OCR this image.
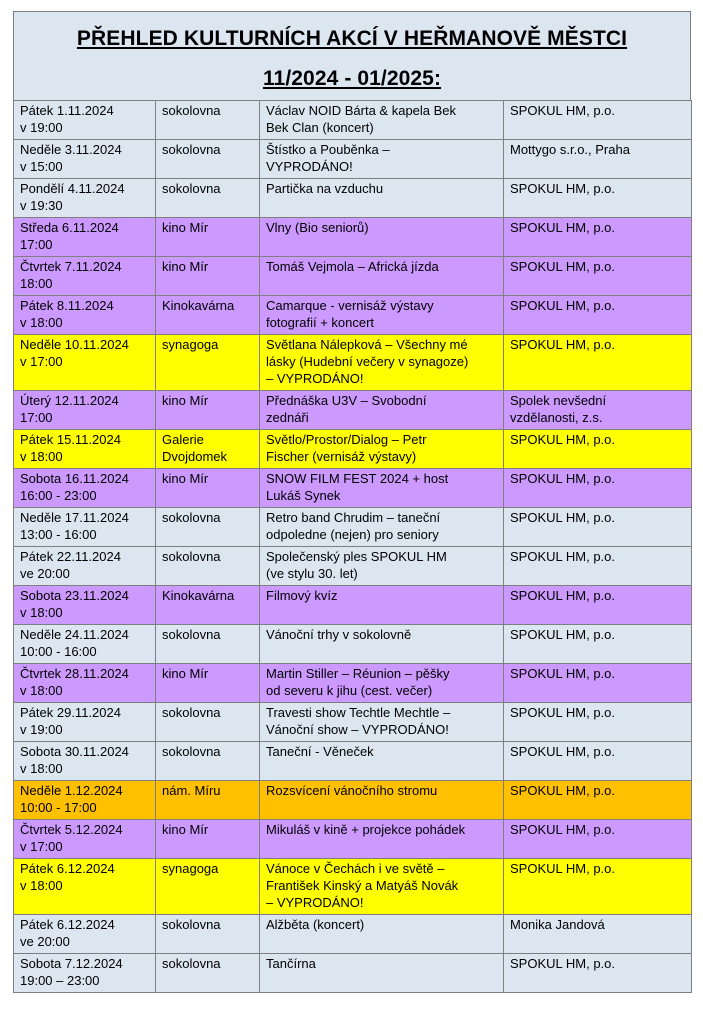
PŘEHLED KULTURNÍCH AKCÍ V HEŘMANOVĚ MĚSTCI
11/2024 - 01/2025:
Pátek 1.11.2024
v 19:00	sokolovna	Václav NOID Bárta & kapela Bek
Bek Clan (koncert)	SPOKUL HM, p.o.

Neděle 3.11.2024
v 15:00	sokolovna	Štístko a Pouběnka –
VYPRODÁNO!	Mottygo s.r.o., Praha

Pondělí 4.11.2024
v 19:30	sokolovna	Partička na vzduchu	SPOKUL HM, p.o.

Středa 6.11.2024
17:00	kino Mír	Vlny (Bio seniorů)	SPOKUL HM, p.o.

Čtvrtek 7.11.2024
18:00	kino Mír	Tomáš Vejmola – Africká jízda	SPOKUL HM, p.o.

Pátek 8.11.2024
v 18:00	Kinokavárna	Camarque - vernisáž výstavy
fotografií + koncert	SPOKUL HM, p.o.

Neděle 10.11.2024
v 17:00	synagoga	Světlana Nálepková – Všechny mé
lásky (Hudební večery v synagoze)
– VYPRODÁNO!	SPOKUL HM, p.o.

Úterý 12.11.2024
17:00	kino Mír	Přednáška U3V – Svobodní
zednáři	Spolek nevšední
vzdělanosti, z.s.

Pátek 15.11.2024
v 18:00	Galerie
Dvojdomek	Světlo/Prostor/Dialog – Petr
Fischer (vernisáž výstavy)	SPOKUL HM, p.o.

Sobota 16.11.2024
16:00 - 23:00	kino Mír	SNOW FILM FEST 2024 + host
Lukáš Synek	SPOKUL HM, p.o.

Neděle 17.11.2024
13:00 - 16:00	sokolovna	Retro band Chrudim – taneční
odpoledne (nejen) pro seniory	SPOKUL HM, p.o.

Pátek 22.11.2024
ve 20:00	sokolovna	Společenský ples SPOKUL HM
(ve stylu 30. let)	SPOKUL HM, p.o.

Sobota 23.11.2024
v 18:00	Kinokavárna	Filmový kvíz	SPOKUL HM, p.o.

Neděle 24.11.2024
10:00 - 16:00	sokolovna	Vánoční trhy v sokolovně	SPOKUL HM, p.o.

Čtvrtek 28.11.2024
v 18:00	kino Mír	Martin Stiller – Réunion – pěšky
od severu k jihu (cest. večer)	SPOKUL HM, p.o.

Pátek 29.11.2024
v 19:00	sokolovna	Travesti show Techtle Mechtle –
Vánoční show – VYPRODÁNO!	SPOKUL HM, p.o.

Sobota 30.11.2024
v 18:00	sokolovna	Taneční - Věneček	SPOKUL HM, p.o.

Neděle 1.12.2024
10:00 - 17:00	nám. Míru	Rozsvícení vánočního stromu	SPOKUL HM, p.o.

Čtvrtek 5.12.2024
v 17:00	kino Mír	Mikuláš v kině + projekce pohádek	SPOKUL HM, p.o.

Pátek 6.12.2024
v 18:00	synagoga	Vánoce v Čechách i ve světě –
František Kinský a Matyáš Novák
– VYPRODÁNO!	SPOKUL HM, p.o.

Pátek 6.12.2024
ve 20:00	sokolovna	Alžběta (koncert)	Monika Jandová

Sobota 7.12.2024
19:00 – 23:00	sokolovna	Tančírna	SPOKUL HM, p.o.
